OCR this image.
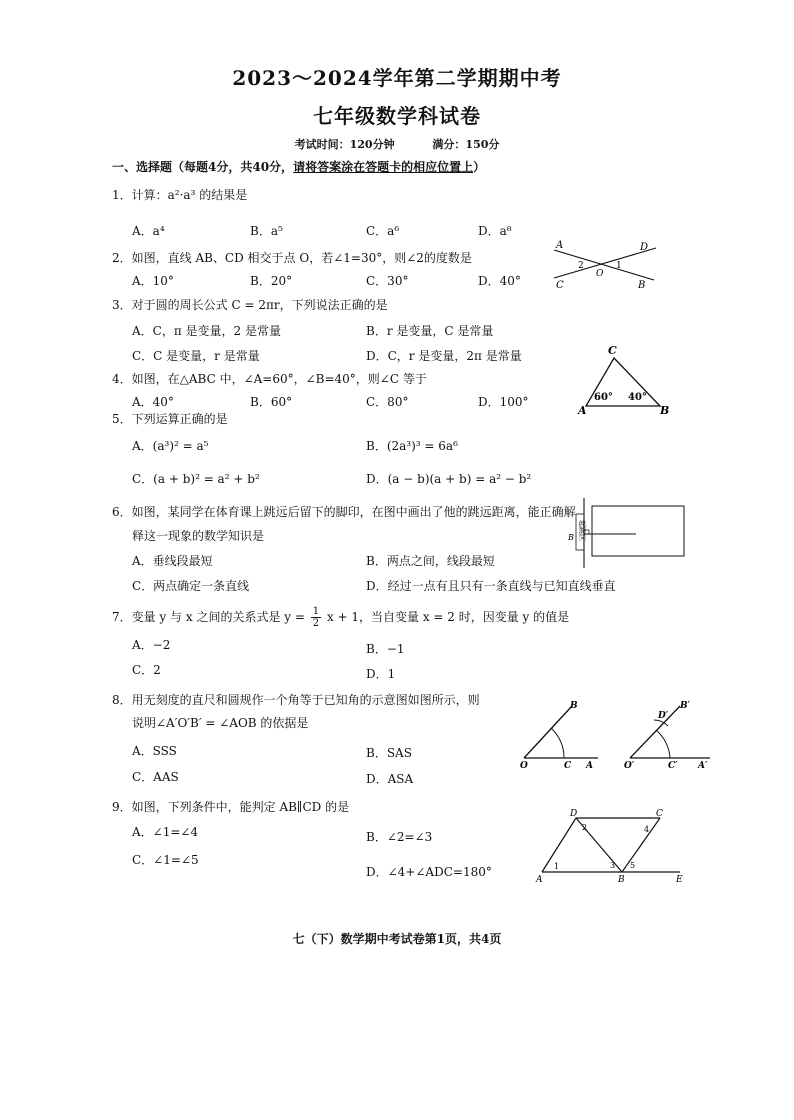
2023～2024学年第二学期期中考
七年级数学科试卷
考试时间：120分钟	满分：150分
一、选择题（每题4分，共40分，请将答案涂在答题卡的相应位置上）
1．计算：a²·a³ 的结果是
A．a⁴	B．a⁵	C．a⁶	D．a⁸
2．如图，直线 AB、CD 相交于点 O，若∠1=30°，则∠2的度数是
A．10°	B．20°	C．30°	D．40°
3．对于圆的周长公式 C = 2πr，下列说法正确的是
A．C，π 是变量，2 是常量	B．r 是变量，C 是常量
C．C 是变量，r 是常量	D．C，r 是变量，2π 是常量
4．如图，在△ABC 中，∠A=60°，∠B=40°，则∠C 等于
A．40°	B．60°	C．80°	D．100°
5．下列运算正确的是
A．(a³)² = a⁵	B．(2a³)³ = 6a⁶
C．(a + b)² = a² + b²	D．(a − b)(a + b) = a² − b²
6．如图，某同学在体育课上跳远后留下的脚印，在图中画出了他的跳远距离，能正确解
释这一现象的数学知识是
A．垂线段最短	B．两点之间，线段最短
C．两点确定一条直线	D．经过一点有且只有一条直线与已知直线垂直
7．变量 y 与 x 之间的关系式是 $y = \frac{1}{2}$ x + 1，当自变量 x = 2 时，因变量 y 的值是
A．−2	B．−1
C．2	D．1
8．用无刻度的直尺和圆规作一个角等于已知角的示意图如图所示，则
说明∠A′O′B′ = ∠AOB 的依据是
A．SSS	B．SAS
C．AAS	D．ASA
9．如图，下列条件中，能判定 AB∥CD 的是
A．∠1=∠4	B．∠2=∠3
C．∠1=∠5
D．∠4+∠ADC=180°
A	D
C	B
O
2	1
C
A	B
60° 40°
起跳区
B
O	C A
B
O′	C′ A′
B′
D′
D	C
A	B	E
1
2
3
4
5
七（下）数学期中考试卷第1页，共4页
